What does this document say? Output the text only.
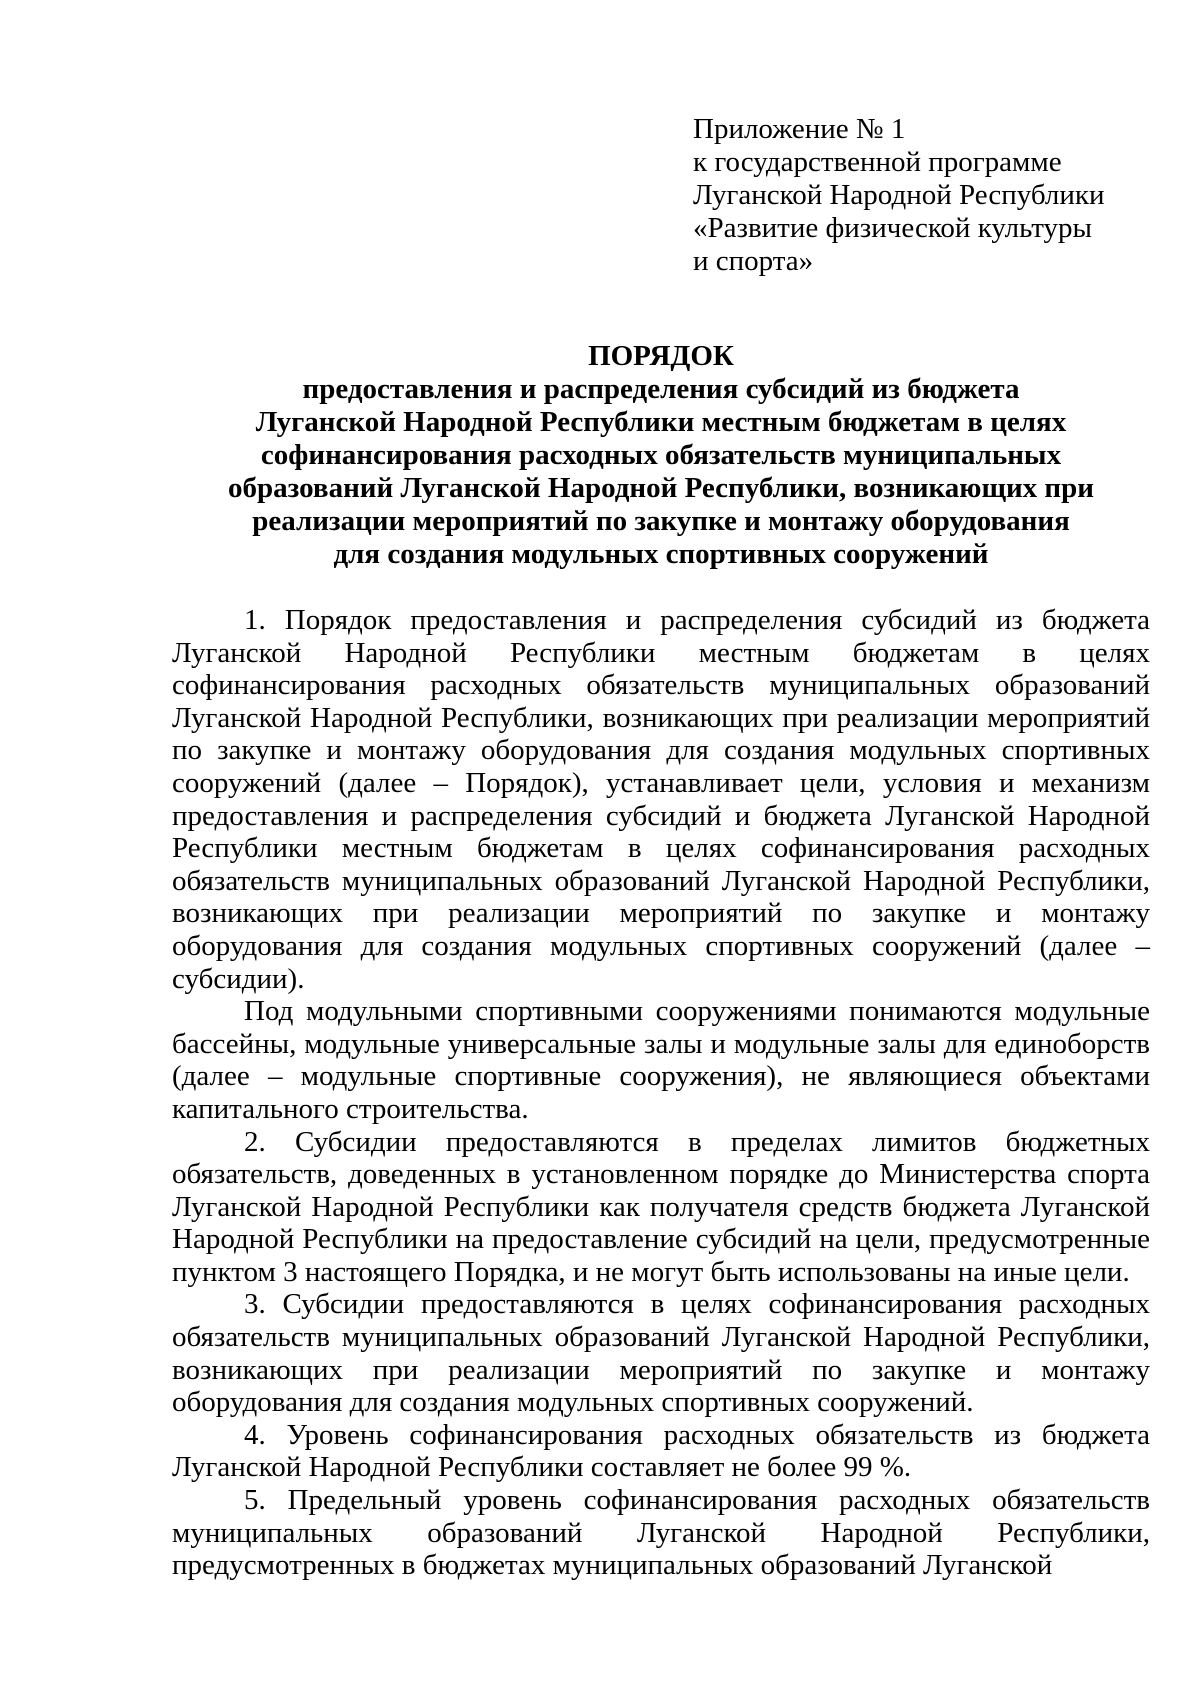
Приложение № 1
к государственной программе
Луганской Народной Республики
«Развитие физической культуры
и спорта»
ПОРЯДОК
предоставления и распределения субсидий из бюджета
Луганской Народной Республики местным бюджетам в целях
софинансирования расходных обязательств муниципальных
образований Луганской Народной Республики, возникающих при
реализации мероприятий по закупке и монтажу оборудования
для создания модульных спортивных сооружений

1. Порядок предоставления и распределения субсидий из бюджета Луганской Народной Республики местным бюджетам в целях софинансирования расходных обязательств муниципальных образований Луганской Народной Республики, возникающих при реализации мероприятий по закупке и монтажу оборудования для создания модульных спортивных сооружений (далее – Порядок), устанавливает цели, условия и механизм предоставления и распределения субсидий и бюджета Луганской Народной Республики местным бюджетам в целях софинансирования расходных обязательств муниципальных образований Луганской Народной Республики, возникающих при реализации мероприятий по закупке и монтажу оборудования для создания модульных спортивных сооружений (далее – субсидии).

Под модульными спортивными сооружениями понимаются модульные бассейны, модульные универсальные залы и модульные залы для единоборств (далее – модульные спортивные сооружения), не являющиеся объектами капитального строительства.

2. Субсидии предоставляются в пределах лимитов бюджетных обязательств, доведенных в установленном порядке до Министерства спорта Луганской Народной Республики как получателя средств бюджета Луганской Народной Республики на предоставление субсидий на цели, предусмотренные пунктом 3 настоящего Порядка, и не могут быть использованы на иные цели.

3. Субсидии предоставляются в целях софинансирования расходных обязательств муниципальных образований Луганской Народной Республики, возникающих при реализации мероприятий по закупке и монтажу оборудования для создания модульных спортивных сооружений.

4. Уровень софинансирования расходных обязательств из бюджета Луганской Народной Республики составляет не более 99 %.

5. Предельный уровень софинансирования расходных обязательств муниципальных образований Луганской Народной Республики, предусмотренных в бюджетах муниципальных образований Луганской
